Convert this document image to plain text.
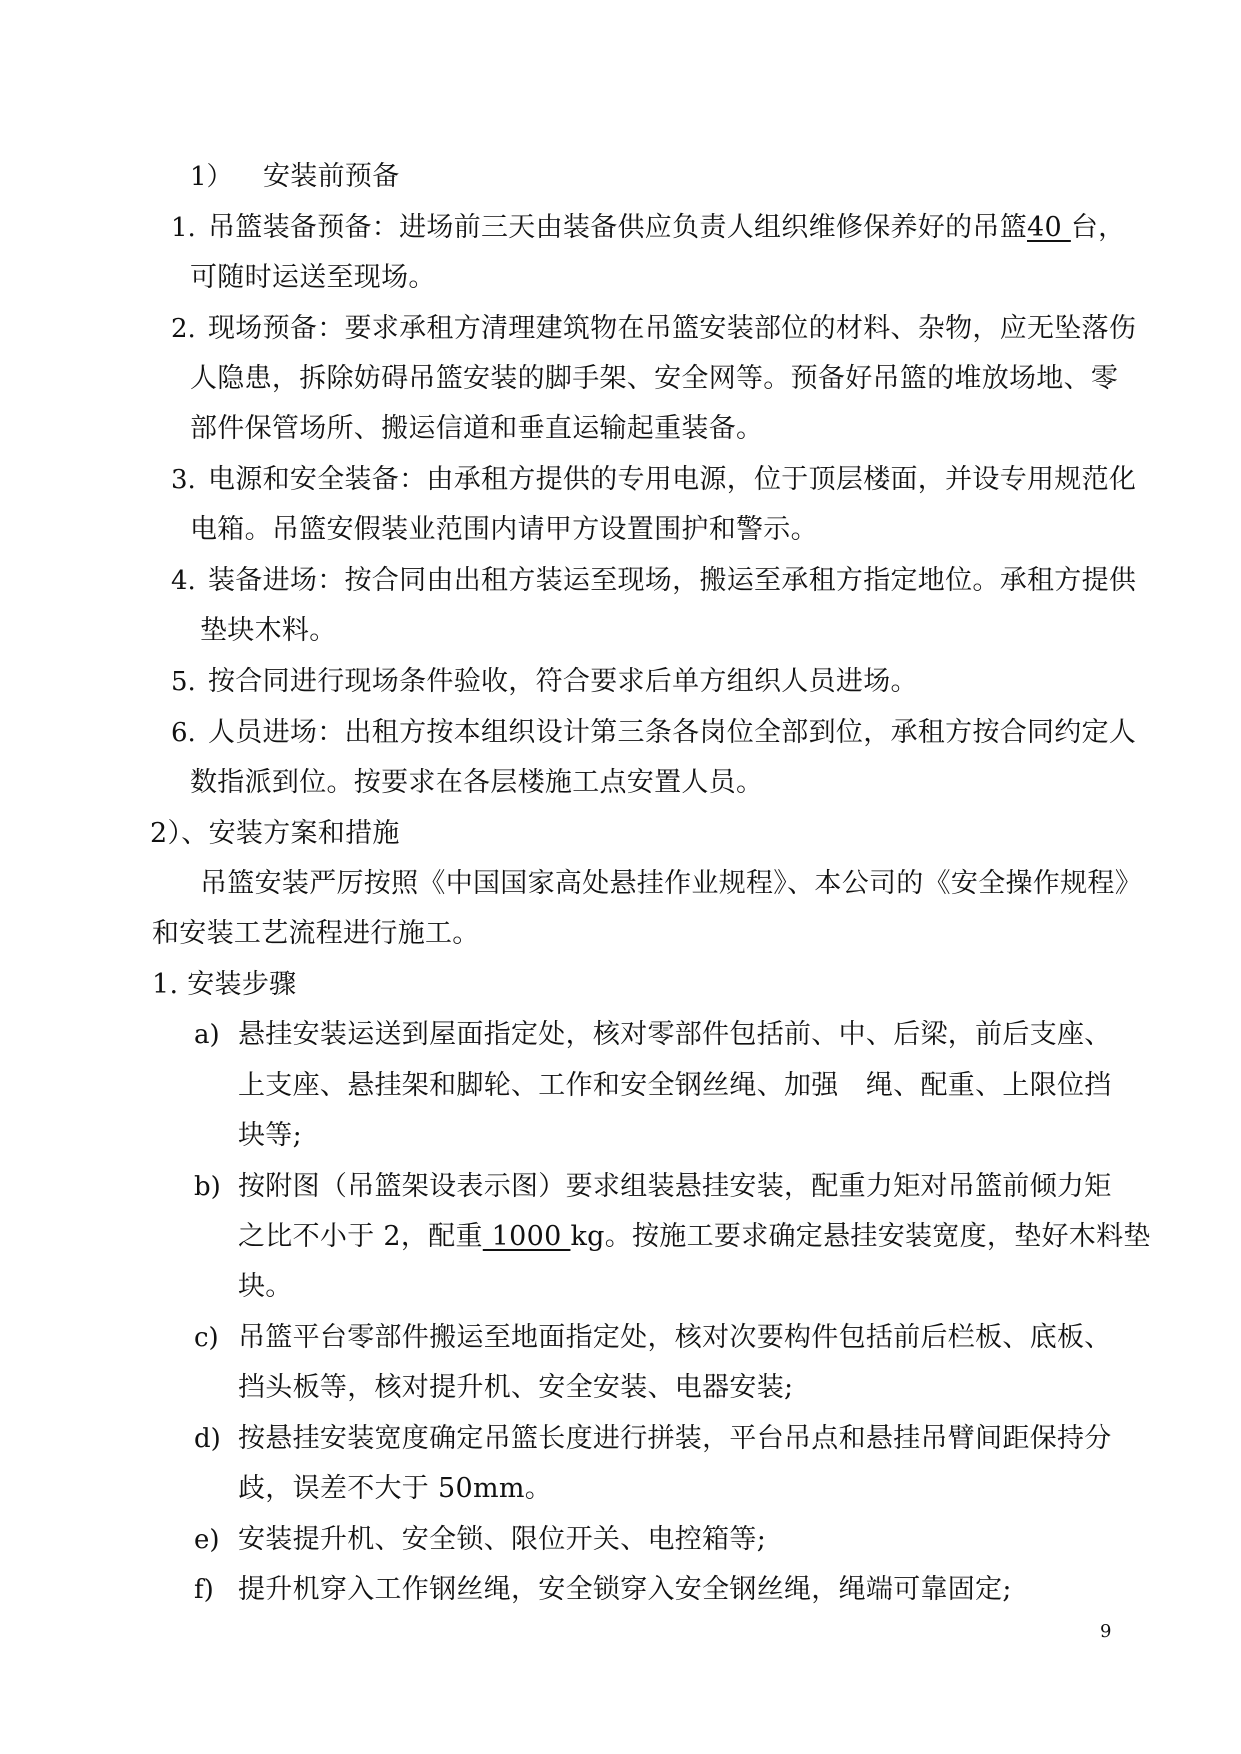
1） 安装前预备
1. 吊篮装备预备：进场前三天由装备供应负责人组织维修保养好的吊篮40 台，
可随时运送至现场。
2. 现场预备：要求承租方清理建筑物在吊篮安装部位的材料、杂物，应无坠落伤
人隐患，拆除妨碍吊篮安装的脚手架、安全网等。预备好吊篮的堆放场地、零
部件保管场所、搬运信道和垂直运输起重装备。
3. 电源和安全装备：由承租方提供的专用电源，位于顶层楼面，并设专用规范化
电箱。吊篮安假装业范围内请甲方设置围护和警示。
4. 装备进场：按合同由出租方装运至现场，搬运至承租方指定地位。承租方提供
垫块木料。
5. 按合同进行现场条件验收，符合要求后单方组织人员进场。
6. 人员进场：出租方按本组织设计第三条各岗位全部到位，承租方按合同约定人
数指派到位。按要求在各层楼施工点安置人员。
2）、安装方案和措施
吊篮安装严厉按照《中国国家高处悬挂作业规程》、本公司的《安全操作规程》
和安装工艺流程进行施工。
1. 安装步骤
a) 悬挂安装运送到屋面指定处，核对零部件包括前、中、后梁，前后支座、
上支座、悬挂架和脚轮、工作和安全钢丝绳、加强　绳、配重、上限位挡
块等;
b) 按附图（吊篮架设表示图）要求组装悬挂安装，配重力矩对吊篮前倾力矩
之比不小于 2，配重 1000 kg。按施工要求确定悬挂安装宽度，垫好木料垫
块。
c) 吊篮平台零部件搬运至地面指定处，核对次要构件包括前后栏板、底板、
挡头板等，核对提升机、安全安装、电器安装;
d) 按悬挂安装宽度确定吊篮长度进行拼装，平台吊点和悬挂吊臂间距保持分
歧，误差不大于 50mm。
e) 安装提升机、安全锁、限位开关、电控箱等;
f) 提升机穿入工作钢丝绳，安全锁穿入安全钢丝绳，绳端可靠固定;
9
